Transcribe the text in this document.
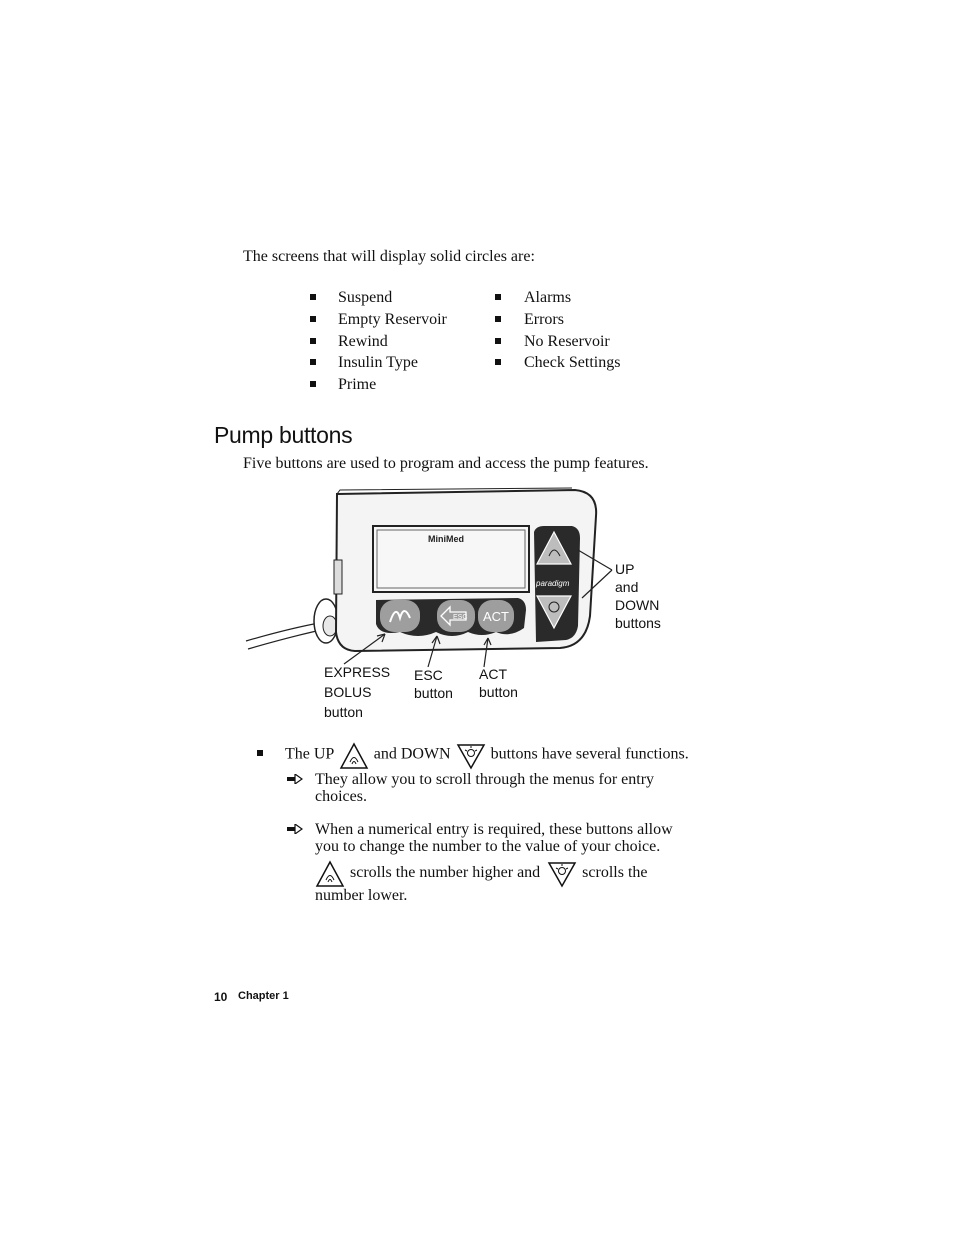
The screens that will display solid circles are:
Suspend
Empty Reservoir
Rewind
Insulin Type
Prime
Alarms
Errors
No Reservoir
Check Settings
Pump buttons
Five buttons are used to program and access the pump features.
ESC ACT
MiniMed
paradigm
UP
and
DOWN
buttons
EXPRESS
BOLUS
button
ESC
button
ACT
button
The UP	and DOWN	buttons have several functions.
They allow you to scroll through the menus for entry
choices.
When a numerical entry is required, these buttons allow
you to change the number to the value of your choice.
scrolls the number higher and	scrolls the
number lower.
10 Chapter 1
